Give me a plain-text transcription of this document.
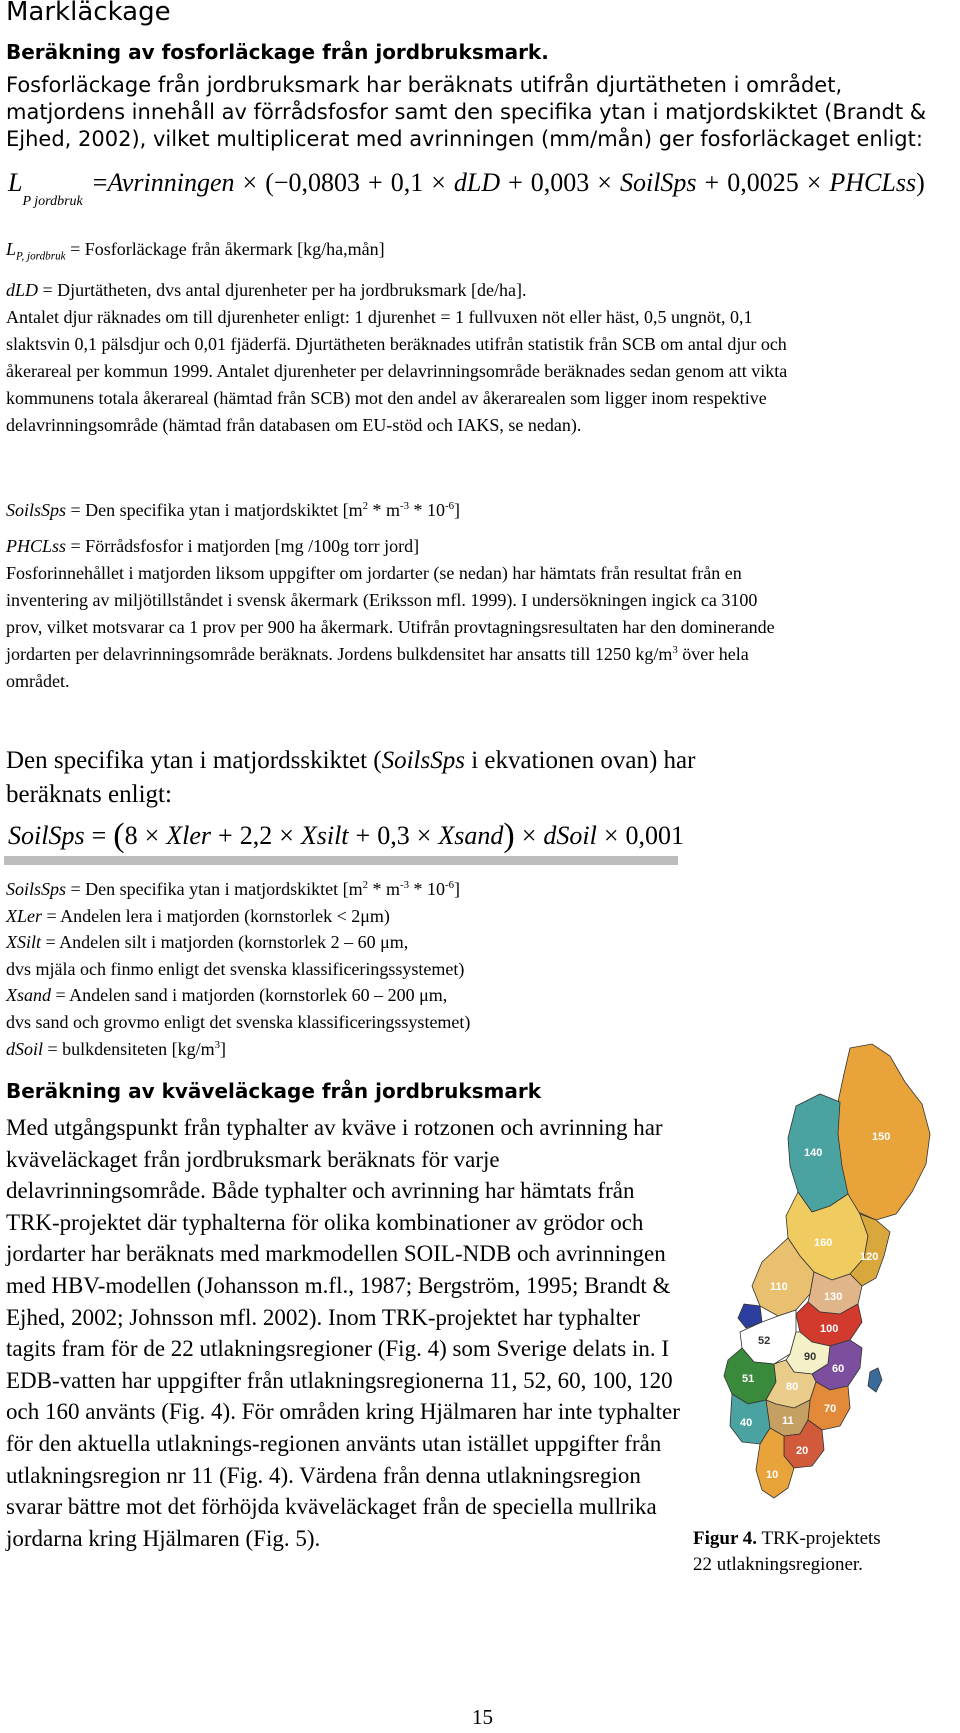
Markläckage
Beräkning av fosforläckage från jordbruksmark.

Fosforläckage från jordbruksmark har beräknats utifrån djurtätheten i området, matjordens innehåll av förrådsfosfor samt den specifika ytan i matjordskiktet (Brandt & Ejhed, 2002), vilket multiplicerat med avrinningen (mm/mån) ger fosforläckaget enligt:

$L_{P jordbruk}=Avrinningen \times (-0,0803 + 0,1$ × dLD + 0,003 × SoilSps + 0,0025 × PHCLss)
$L_{P, jordbruk}$ = Fosforläckage från åkermark [kg/ha,mån]
dLD = Djurtätheten, dvs antal djurenheter per ha jordbruksmark [de/ha].

Antalet djur räknades om till djurenheter enligt: 1 djurenhet = 1 fullvuxen nöt eller häst, 0,5 ungnöt, 0,1 slaktsvin 0,1 pälsdjur och 0,01 fjäderfä. Djurtätheten beräknades utifrån statistik från SCB om antal djur och åkerareal per kommun 1999. Antalet djurenheter per delavrinningsområde beräknades sedan genom att vikta kommunens totala åkerareal (hämtad från SCB) mot den andel av åkerarealen som ligger inom respektive delavrinningsområde (hämtad från databasen om EU-stöd och IAKS, se nedan).

SoilsSps = Den specifika ytan i matjordskiktet $[m^2 * m^{-3} * 10^{-6}]$
PHCLss = Förrådsfosfor i matjorden [mg /100g torr jord]

Fosforinnehållet i matjorden liksom uppgifter om jordarter (se nedan) har hämtats från resultat från en inventering av miljötillståndet i svensk åkermark (Eriksson mfl. 1999). I undersökningen ingick ca 3100 prov, vilket motsvarar ca 1 prov per 900 ha åkermark. Utifrån provtagningsresultaten har den dominerande jordarten per delavrinningsområde beräknats. Jordens bulkdensitet har ansatts till 1250 $kg/m^3$ över hela området.

Den specifika ytan i matjordsskiktet (SoilsSps i ekvationen ovan) har beräknats enligt:

SoilSps = (8 × Xler + 2,2 × Xsilt + 0,3 × Xsand) × dSoil × 0,001
SoilsSps = Den specifika ytan i matjordskiktet $[m^2 * m^{-3} * 10^{-6}]$
XLer = Andelen lera i matjorden (kornstorlek < 2μm)
XSilt = Andelen silt i matjorden (kornstorlek 2 – 60 μm,
dvs mjäla och finmo enligt det svenska klassificeringssystemet)
Xsand = Andelen sand i matjorden (kornstorlek 60 – 200 μm,
dvs sand och grovmo enligt det svenska klassificeringssystemet)
dSoil = bulkdensiteten $[kg/m^3]$
Beräkning av kväveläckage från jordbruksmark

Med utgångspunkt från typhalter av kväve i rotzonen och avrinning har kväveläckaget från jordbruksmark beräknats för varje delavrinningsområde. Både typhalter och avrinning har hämtats från TRK-projektet där typhalterna för olika kombinationer av grödor och jordarter har beräknats med markmodellen SOIL-NDB och avrinningen med HBV-modellen (Johansson m.fl., 1987; Bergström, 1995; Brandt & Ejhed, 2002; Johnsson mfl. 2002). Inom TRK-projektet har typhalter tagits fram för de 22 utlakningsregioner (Fig. 4) som Sverige delats in. I EDB-vatten har uppgifter från utlakningsregionerna 11, 52, 60, 100, 120 och 160 använts (Fig. 4). För områden kring Hjälmaren har inte typhalter för den aktuella utlaknings-regionen använts utan istället uppgifter från utlakningsregion nr 11 (Fig. 4). Värdena från denna utlakningsregion svarar bättre mot det förhöjda kväveläckaget från de speciella mullrika jordarna kring Hjälmaren (Fig. 5).

150
140
160
120
110
130
100
52
90
60
51
80
70
11
40
20
10
Figur 4. TRK-projektets
22 utlakningsregioner.
15
